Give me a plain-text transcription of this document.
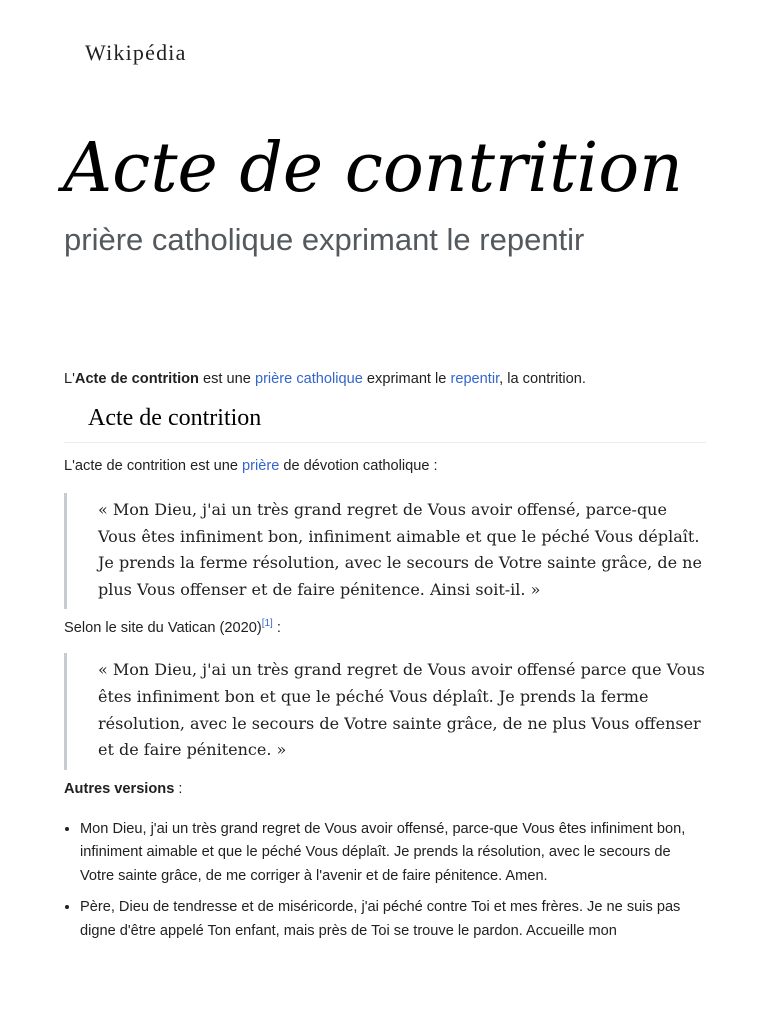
Wikipédia
Acte de contrition
prière catholique exprimant le repentir

L'Acte de contrition est une prière catholique exprimant le repentir, la contrition.

Acte de contrition

L'acte de contrition est une prière de dévotion catholique :

« Mon Dieu, j'ai un très grand regret de Vous avoir offensé, parce-que Vous êtes infiniment bon, infiniment aimable et que le péché Vous déplaît. Je prends la ferme résolution, avec le secours de Votre sainte grâce, de ne plus Vous offenser et de faire pénitence. Ainsi soit-il. »

Selon le site du Vatican (2020)[1] :

« Mon Dieu, j'ai un très grand regret de Vous avoir offensé parce que Vous êtes infiniment bon et que le péché Vous déplaît. Je prends la ferme résolution, avec le secours de Votre sainte grâce, de ne plus Vous offenser et de faire pénitence. »

Autres versions :

• Mon Dieu, j'ai un très grand regret de Vous avoir offensé, parce-que Vous êtes infiniment bon, infiniment aimable et que le péché Vous déplaît. Je prends la résolution, avec le secours de Votre sainte grâce, de me corriger à l'avenir et de faire pénitence. Amen.
• Père, Dieu de tendresse et de miséricorde, j'ai péché contre Toi et mes frères. Je ne suis pas digne d'être appelé Ton enfant, mais près de Toi se trouve le pardon. Accueille mon
